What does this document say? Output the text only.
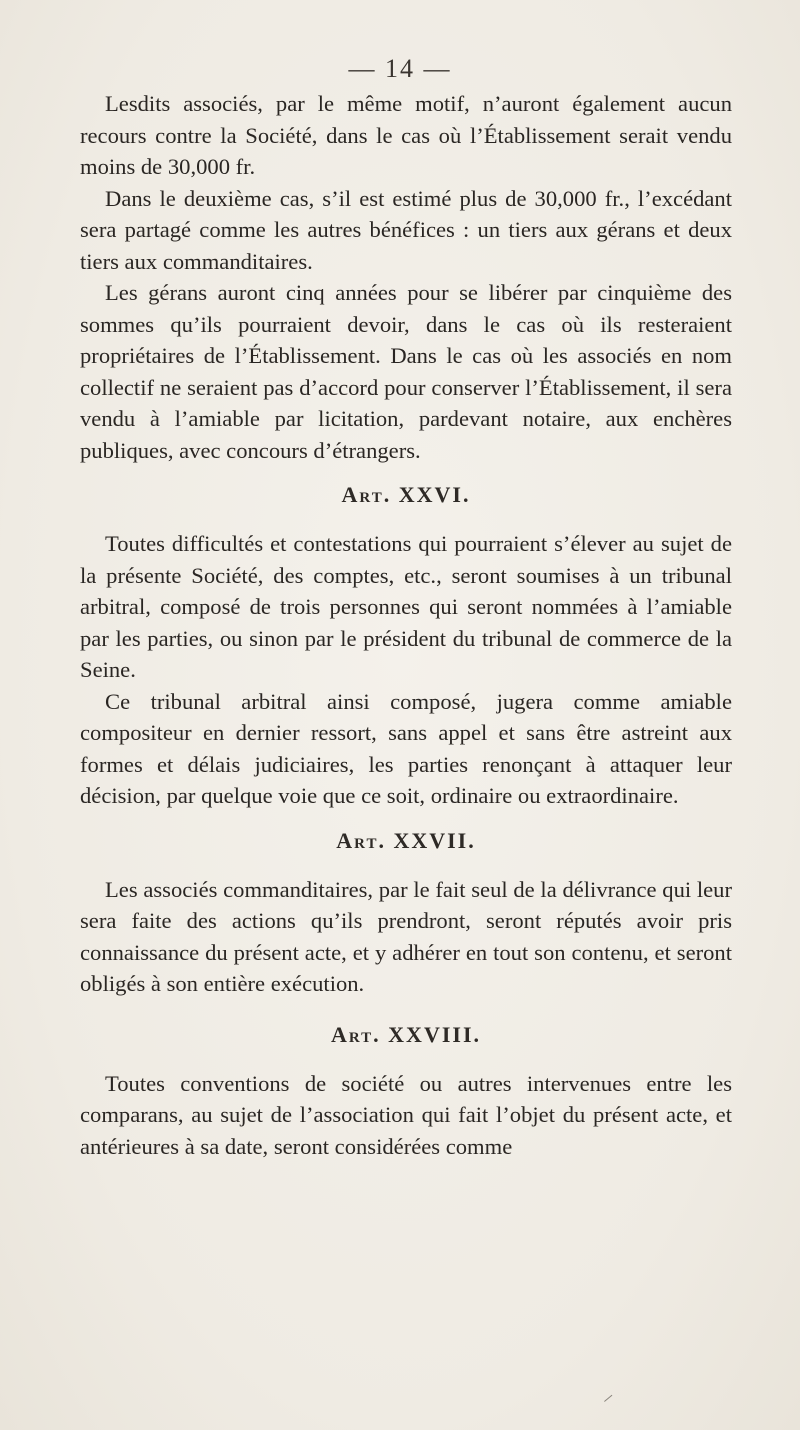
— 14 —

Lesdits associés, par le même motif, n’auront également aucun recours contre la Société, dans le cas où l’Établissement serait vendu moins de 30,000 fr.

Dans le deuxième cas, s’il est estimé plus de 30,000 fr., l’excédant sera partagé comme les autres bénéfices : un tiers aux gérans et deux tiers aux commanditaires.

Les gérans auront cinq années pour se libérer par cinquième des sommes qu’ils pourraient devoir, dans le cas où ils resteraient propriétaires de l’Établissement. Dans le cas où les associés en nom collectif ne seraient pas d’accord pour conserver l’Établissement, il sera vendu à l’amiable par licitation, pardevant notaire, aux enchères publiques, avec concours d’étrangers.

Art. XXVI.

Toutes difficultés et contestations qui pourraient s’élever au sujet de la présente Société, des comptes, etc., seront soumises à un tribunal arbitral, composé de trois personnes qui seront nommées à l’amiable par les parties, ou sinon par le président du tribunal de commerce de la Seine.

Ce tribunal arbitral ainsi composé, jugera comme amiable compositeur en dernier ressort, sans appel et sans être astreint aux formes et délais judiciaires, les parties renonçant à attaquer leur décision, par quelque voie que ce soit, ordinaire ou extraordinaire.

Art. XXVII.

Les associés commanditaires, par le fait seul de la délivrance qui leur sera faite des actions qu’ils prendront, seront réputés avoir pris connaissance du présent acte, et y adhérer en tout son contenu, et seront obligés à son entière exécution.

Art. XXVIII.

Toutes conventions de société ou autres intervenues entre les comparans, au sujet de l’association qui fait l’objet du présent acte, et antérieures à sa date, seront considérées comme
